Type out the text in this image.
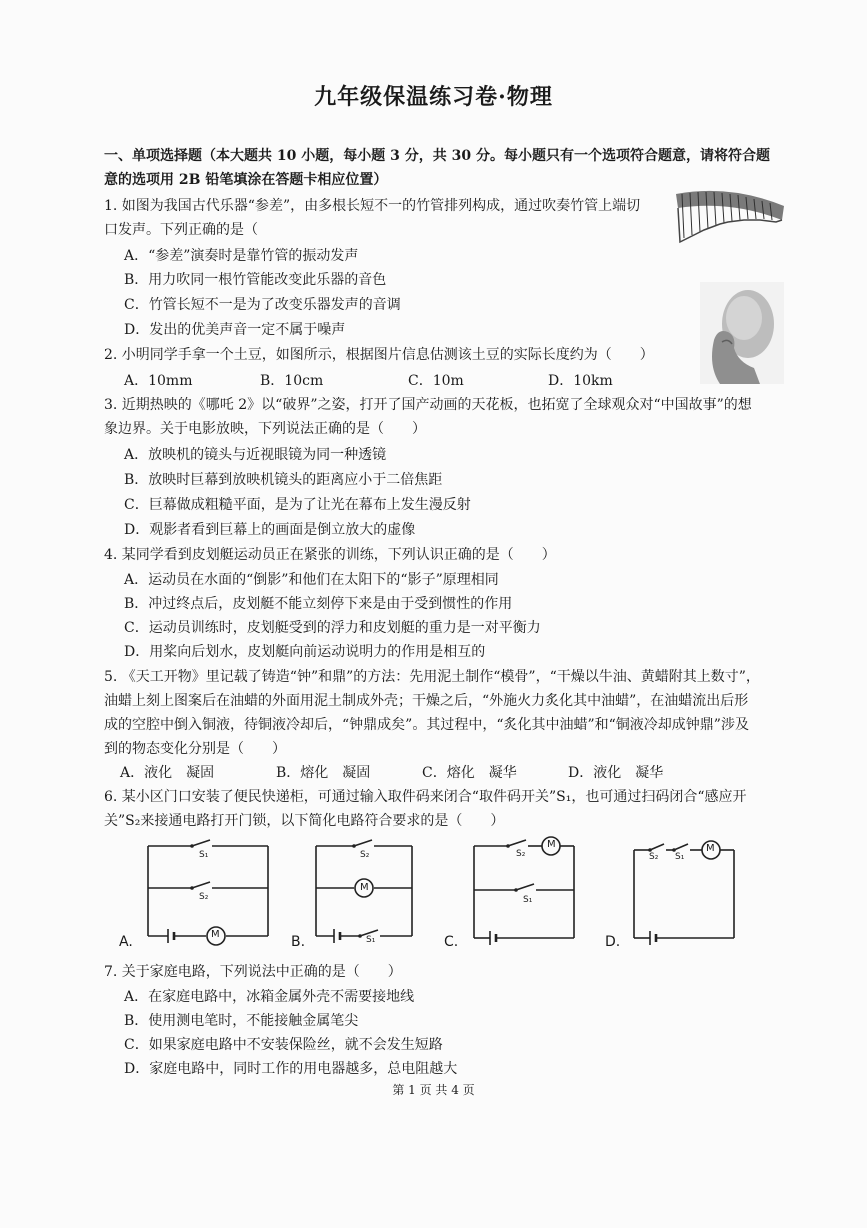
九年级保温练习卷·物理
一、单项选择题（本大题共 10 小题，每小题 3 分，共 30 分。每小题只有一个选项符合题意，请将符合题
意的选项用 2B 铅笔填涂在答题卡相应位置）
1. 如图为我国古代乐器“参差”，由多根长短不一的竹管排列构成，通过吹奏竹管上端切
口发声。下列正确的是（
A．“参差”演奏时是靠竹管的振动发声
B．用力吹同一根竹管能改变此乐器的音色
C．竹管长短不一是为了改变乐器发声的音调
D．发出的优美声音一定不属于噪声
2. 小明同学手拿一个土豆，如图所示，根据图片信息估测该土豆的实际长度约为（　　）
A．10mm	B．10cm	C．10m	D．10km
3. 近期热映的《哪吒 2》以“破界”之姿，打开了国产动画的天花板，也拓宽了全球观众对“中国故事”的想
象边界。关于电影放映，下列说法正确的是（　　）
A．放映机的镜头与近视眼镜为同一种透镜
B．放映时巨幕到放映机镜头的距离应小于二倍焦距
C．巨幕做成粗糙平面，是为了让光在幕布上发生漫反射
D．观影者看到巨幕上的画面是倒立放大的虚像
4. 某同学看到皮划艇运动员正在紧张的训练，下列认识正确的是（　　）
A．运动员在水面的“倒影”和他们在太阳下的“影子”原理相同
B．冲过终点后，皮划艇不能立刻停下来是由于受到惯性的作用
C．运动员训练时，皮划艇受到的浮力和皮划艇的重力是一对平衡力
D．用桨向后划水，皮划艇向前运动说明力的作用是相互的
5. 《天工开物》里记载了铸造“钟”和鼎”的方法：先用泥土制作“模骨”，“干燥以牛油、黄蜡附其上数寸”，
油蜡上刻上图案后在油蜡的外面用泥土制成外壳；干燥之后，“外施火力炙化其中油蜡”，在油蜡流出后形
成的空腔中倒入铜液，待铜液冷却后，“钟鼎成矣”。其过程中，“炙化其中油蜡”和“铜液冷却成钟鼎”涉及
到的物态变化分别是（　　）
A．液化　凝固	B．熔化　凝固	C．熔化　凝华	D．液化　凝华
6. 某小区门口安装了便民快递柜，可通过输入取件码来闭合“取件码开关”S₁，也可通过扫码闭合“感应开
关”S₂来接通电路打开门锁，以下简化电路符合要求的是（　　）
S₁
S₂
M
A.
S₂
M
S₁
B.
S₂
M
S₁
C.
S₂ S₁
M
D.
7. 关于家庭电路，下列说法中正确的是（　　）
A．在家庭电路中，冰箱金属外壳不需要接地线
B．使用测电笔时，不能接触金属笔尖
C．如果家庭电路中不安装保险丝，就不会发生短路
D．家庭电路中，同时工作的用电器越多，总电阻越大
第 1 页 共 4 页
